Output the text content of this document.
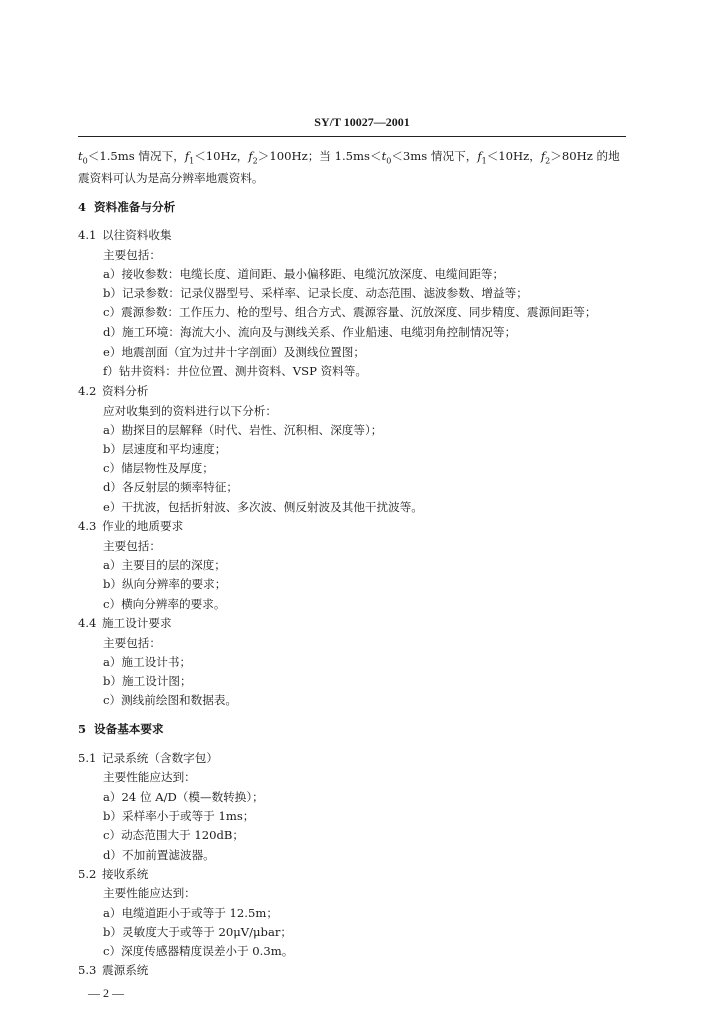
SY/T 10027—2001
$t_0<1.5ms$ 情况下，$f_1<10Hz$，$f_2>100Hz$；当 $1.5ms<t_0<3ms$ 情况下，$f_1<10Hz$，$f_2>80Hz$ 的地
震资料可认为是高分辨率地震资料。
4 资料准备与分析
4.1 以往资料收集
主要包括：
a）接收参数：电缆长度、道间距、最小偏移距、电缆沉放深度、电缆间距等；
b）记录参数：记录仪器型号、采样率、记录长度、动态范围、滤波参数、增益等；
c）震源参数：工作压力、枪的型号、组合方式、震源容量、沉放深度、同步精度、震源间距等；
d）施工环境：海流大小、流向及与测线关系、作业船速、电缆羽角控制情况等；
e）地震剖面（宜为过井十字剖面）及测线位置图；
f）钻井资料：井位位置、测井资料、VSP 资料等。
4.2 资料分析
应对收集到的资料进行以下分析：
a）勘探目的层解释（时代、岩性、沉积相、深度等）；
b）层速度和平均速度；
c）储层物性及厚度；
d）各反射层的频率特征；
e）干扰波，包括折射波、多次波、侧反射波及其他干扰波等。
4.3 作业的地质要求
主要包括：
a）主要目的层的深度；
b）纵向分辨率的要求；
c）横向分辨率的要求。
4.4 施工设计要求
主要包括：
a）施工设计书；
b）施工设计图；
c）测线前绘图和数据表。
5 设备基本要求
5.1 记录系统（含数字包）
主要性能应达到：
a）24 位 A/D（模—数转换）；
b）采样率小于或等于 1ms；
c）动态范围大于 120dB；
d）不加前置滤波器。
5.2 接收系统
主要性能应达到：
a）电缆道距小于或等于 12.5m；
b）灵敏度大于或等于 20μV/μbar；
c）深度传感器精度误差小于 0.3m。
5.3 震源系统
— 2 —
